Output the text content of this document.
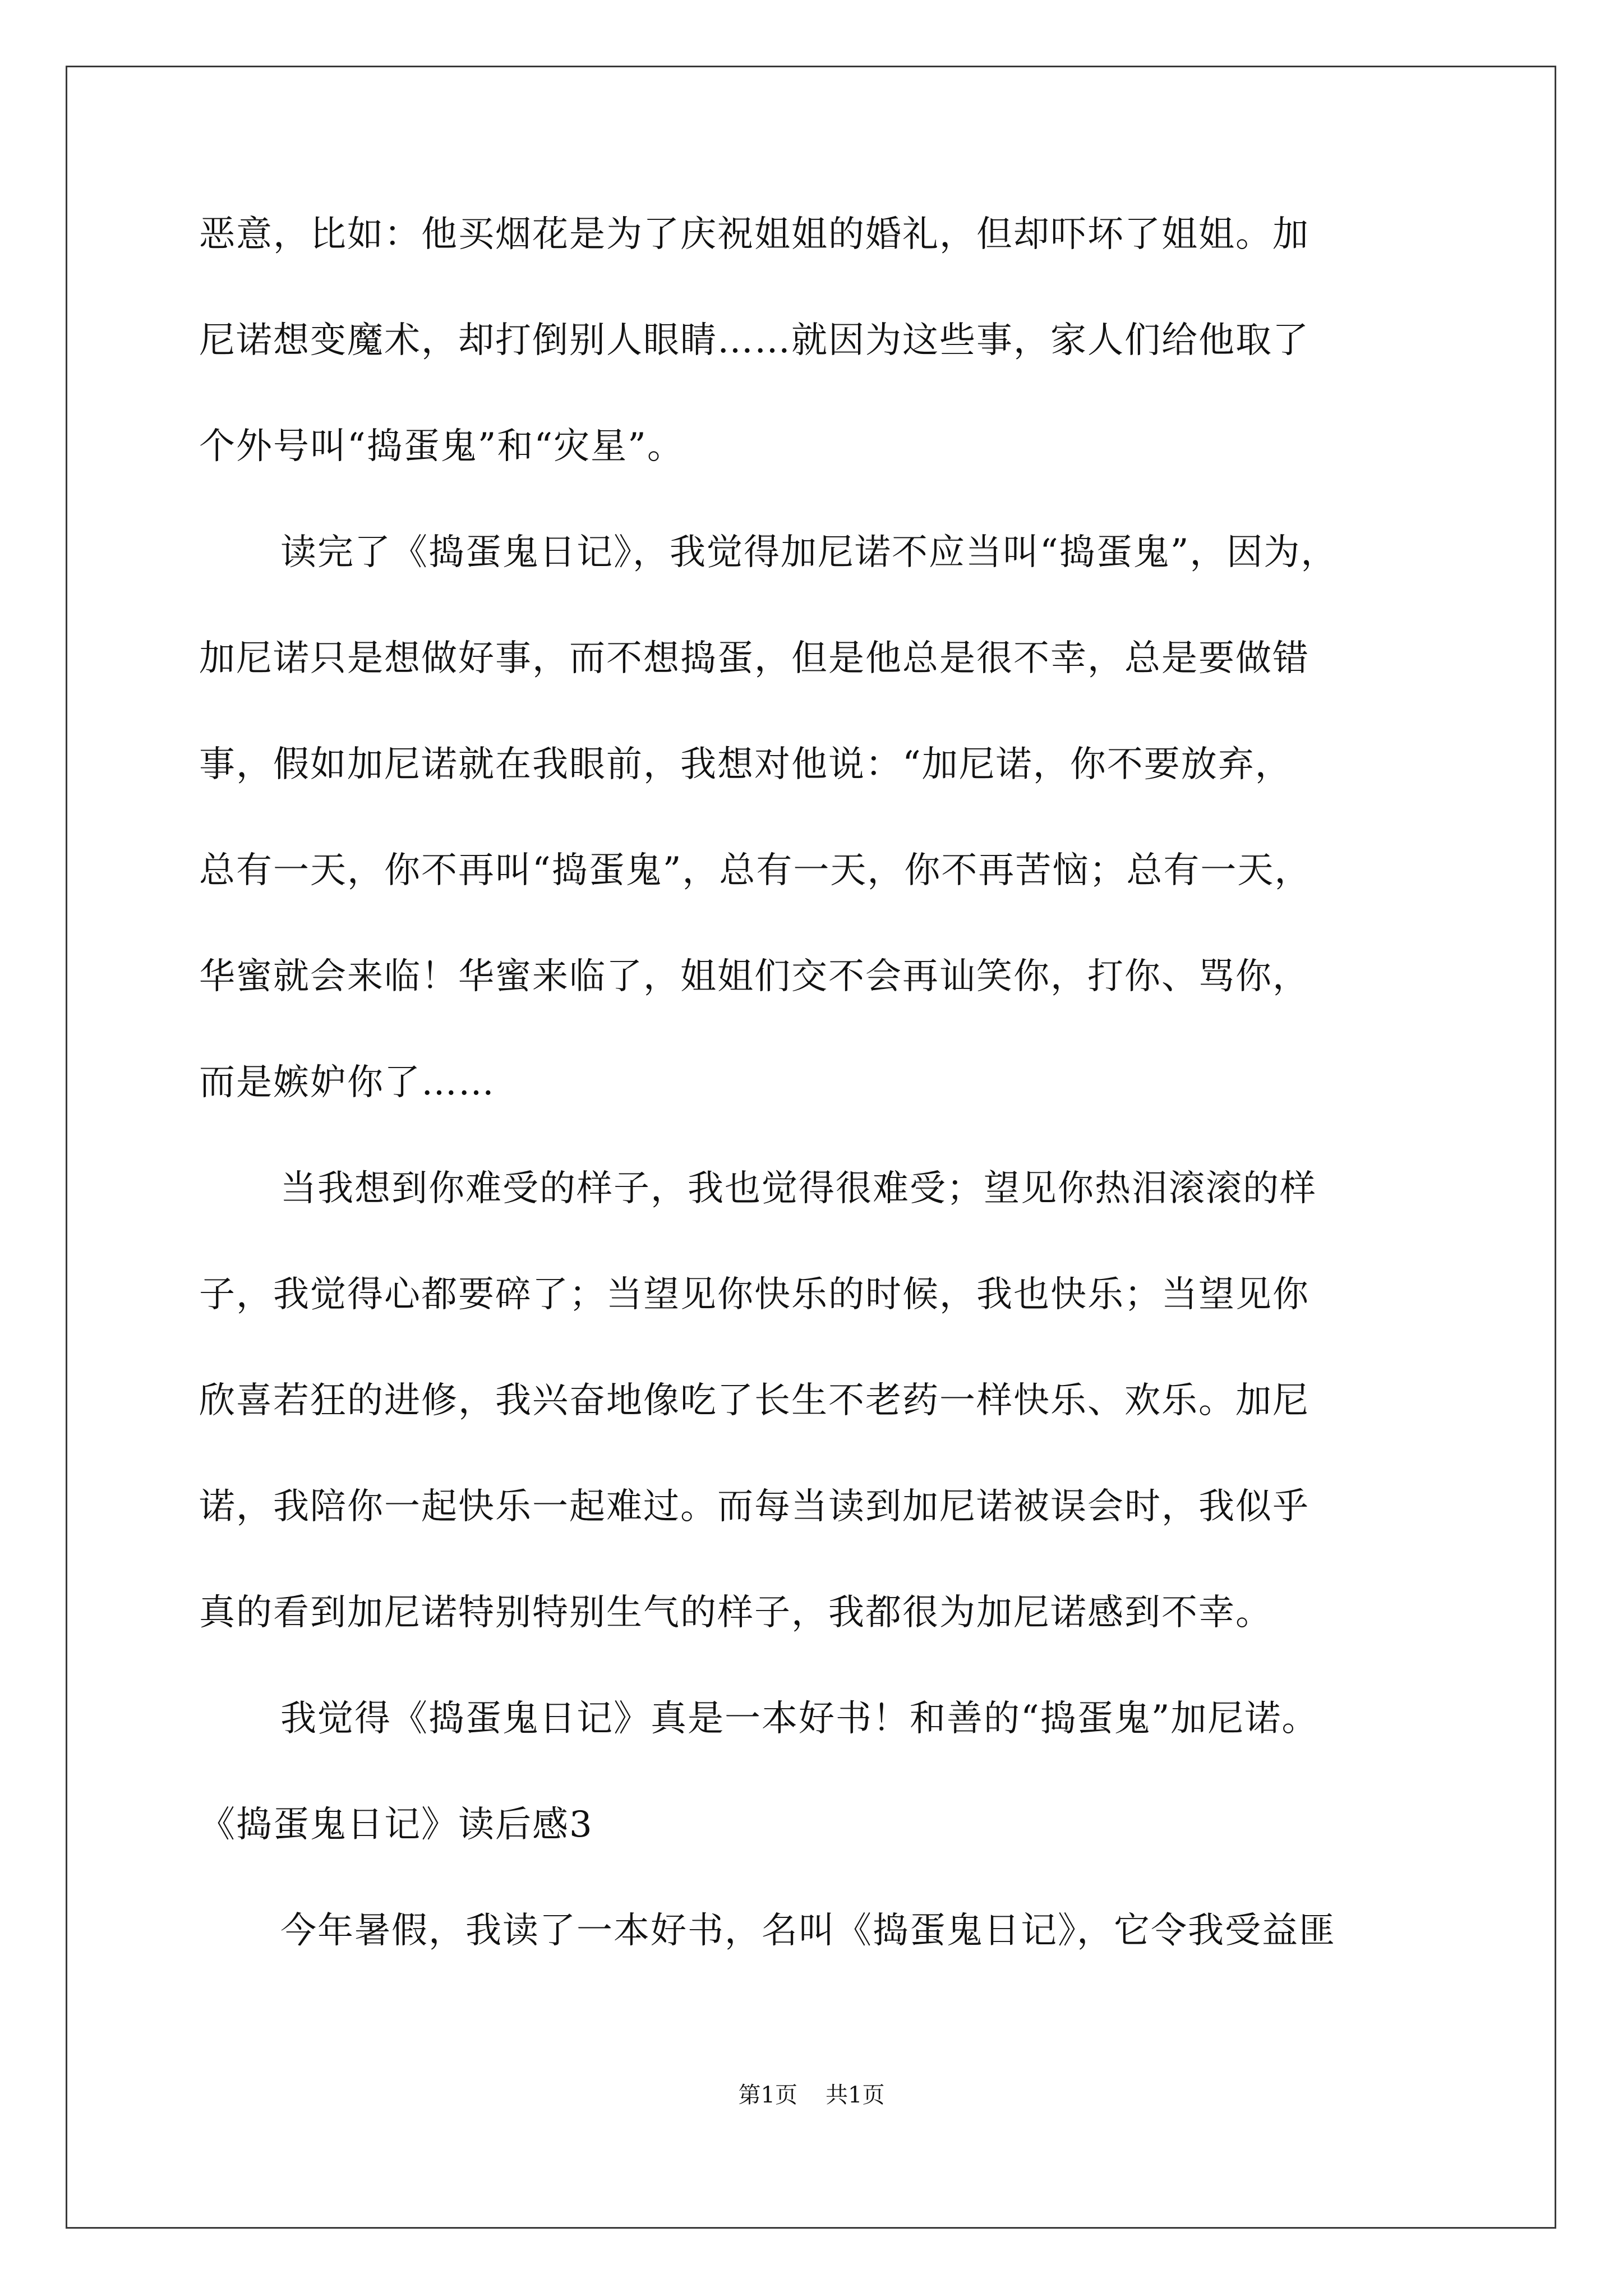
恶意，比如：他买烟花是为了庆祝姐姐的婚礼，但却吓坏了姐姐。加
尼诺想变魔术，却打倒别人眼睛……就因为这些事，家人们给他取了
个外号叫“捣蛋鬼”和“灾星”。
读完了《捣蛋鬼日记》，我觉得加尼诺不应当叫“捣蛋鬼”，因为，
加尼诺只是想做好事，而不想捣蛋，但是他总是很不幸，总是要做错
事，假如加尼诺就在我眼前，我想对他说：“加尼诺，你不要放弃，
总有一天，你不再叫“捣蛋鬼”，总有一天，你不再苦恼；总有一天，
华蜜就会来临！华蜜来临了，姐姐们交不会再讪笑你，打你、骂你，
而是嫉妒你了……
当我想到你难受的样子，我也觉得很难受；望见你热泪滚滚的样
子，我觉得心都要碎了；当望见你快乐的时候，我也快乐；当望见你
欣喜若狂的进修，我兴奋地像吃了长生不老药一样快乐、欢乐。加尼
诺，我陪你一起快乐一起难过。而每当读到加尼诺被误会时，我似乎
真的看到加尼诺特别特别生气的样子，我都很为加尼诺感到不幸。
我觉得《捣蛋鬼日记》真是一本好书！和善的“捣蛋鬼”加尼诺。
《捣蛋鬼日记》读后感3
今年暑假，我读了一本好书，名叫《捣蛋鬼日记》，它令我受益匪
第1页 共1页
